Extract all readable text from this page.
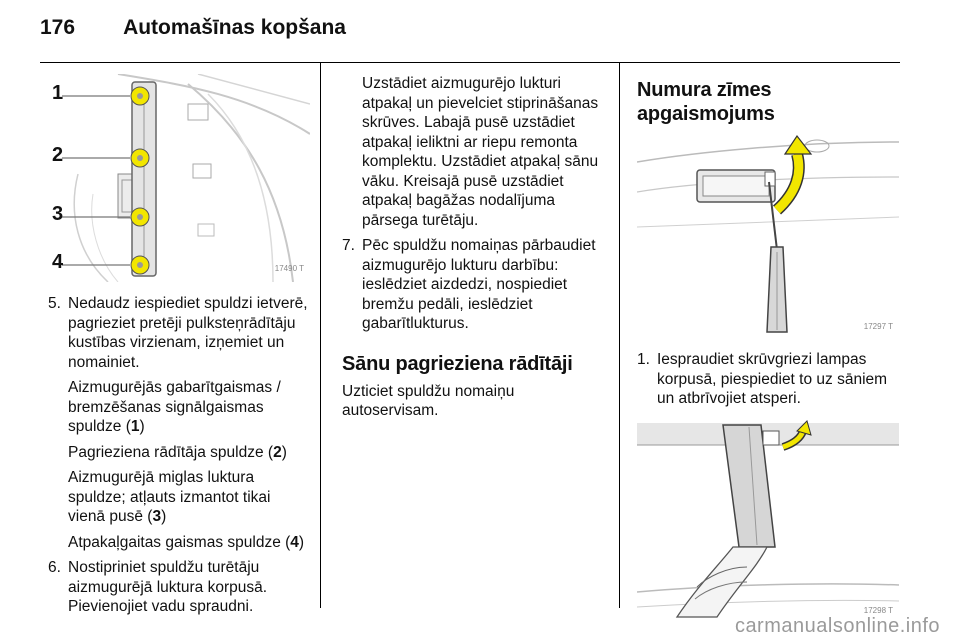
176 Automašīnas kopšana
1
2
3
4	17490 T
5. Nedaudz iespiediet spuldzi ietverē, pagrieziet pretēji pulksteņrādītāju kustības virzienam, izņemiet un nomainiet.
Aizmugurējās gabarītgaismas / bremzēšanas signālgaismas spuldze (1)
Pagrieziena rādītāja spuldze (2)
Aizmugurējā miglas luktura spuldze; atļauts izmantot tikai vienā pusē (3)
Atpakaļgaitas gaismas spuldze (4)
6. Nostipriniet spuldžu turētāju aizmugurējā luktura korpusā. Pievienojiet vadu spraudni.
Uzstādiet aizmugurējo lukturi atpakaļ un pievelciet stiprināšanas skrūves. Labajā pusē uzstādiet atpakaļ ieliktni ar riepu remonta komplektu. Uzstādiet atpakaļ sānu vāku. Kreisajā pusē uzstādiet atpakaļ bagāžas nodalījuma pārsega turētāju.
7. Pēc spuldžu nomaiņas pārbaudiet aizmugurējo lukturu darbību: ieslēdziet aizdedzi, nospiediet bremžu pedāli, ieslēdziet gabarītlukturus.
Sānu pagrieziena rādītāji
Uzticiet spuldžu nomaiņu autoservisam.
Numura zīmes apgaismojums
17297 T
1. Iespraudiet skrūvgriezi lampas korpusā, piespiediet to uz sāniem un atbrīvojiet atsperi.
17298 T
carmanualsonline.info
